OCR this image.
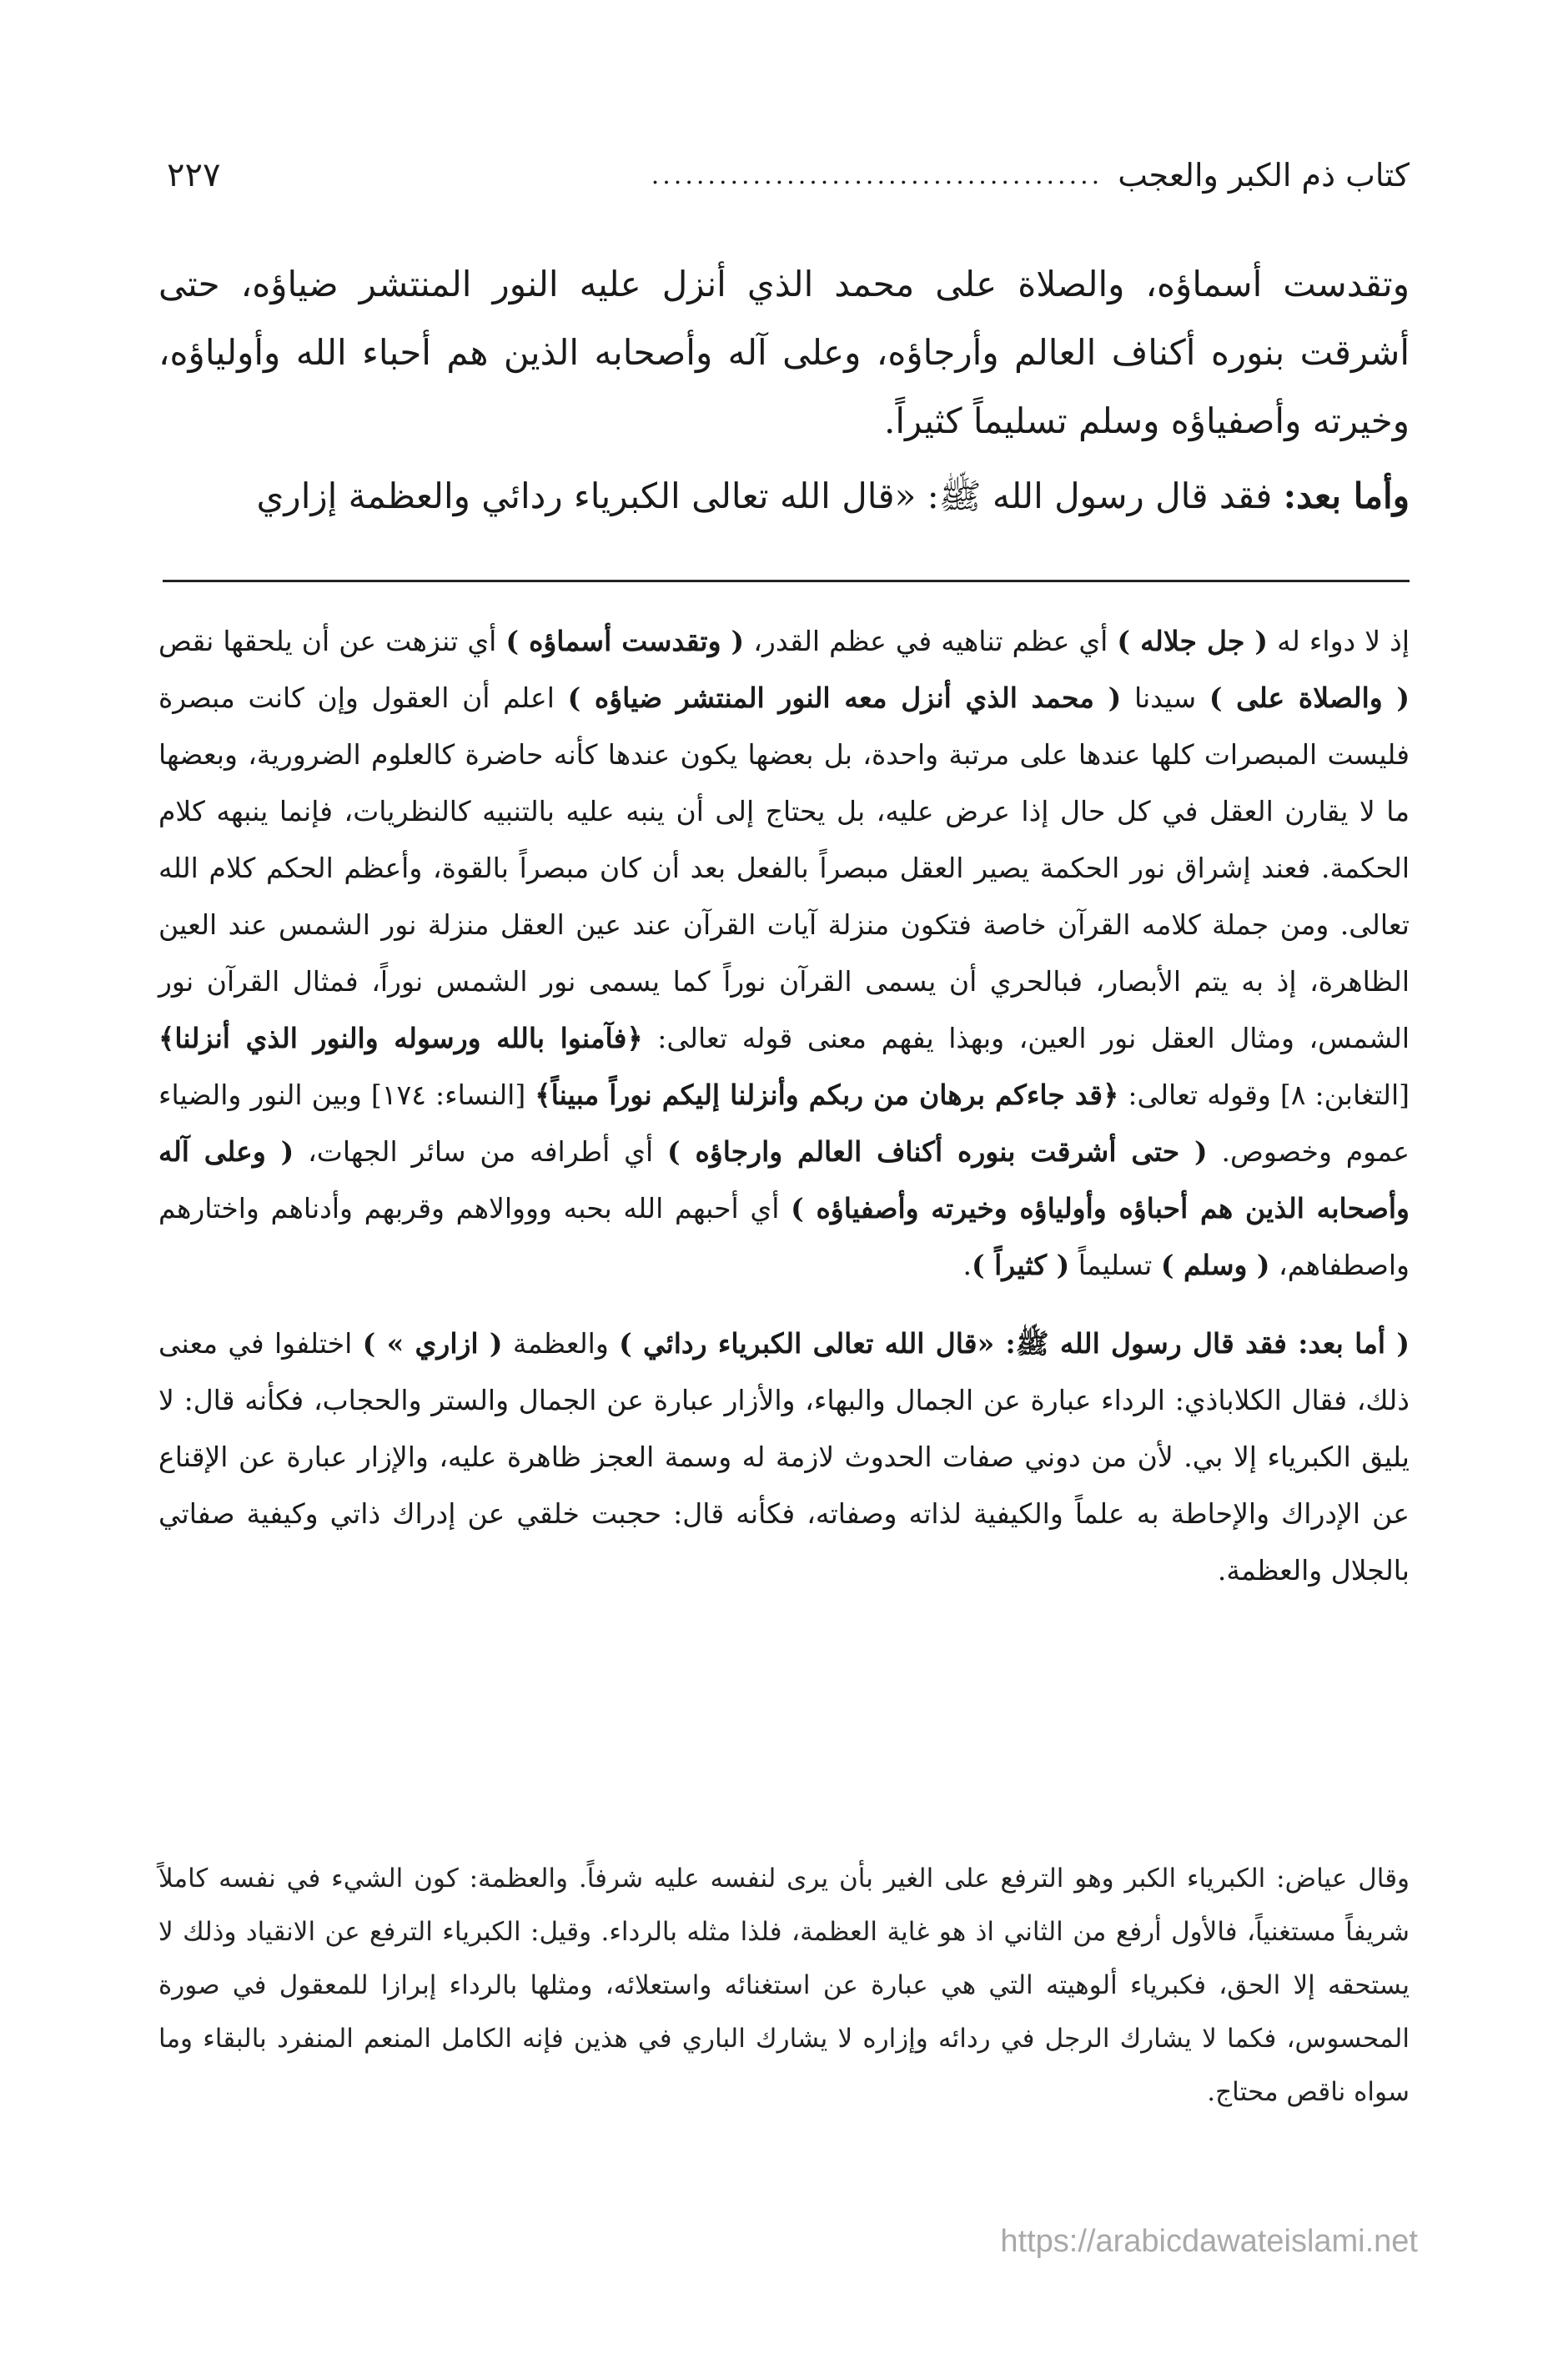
كتاب ذم الكبر والعجب
........................................
٢٢٧

وتقدست أسماؤه، والصلاة على محمد الذي أنزل عليه النور المنتشر ضياؤه، حتى أشرقت بنوره أكناف العالم وأرجاؤه، وعلى آله وأصحابه الذين هم أحباء الله وأولياؤه، وخيرته وأصفياؤه وسلم تسليماً كثيراً.

وأما بعد: فقد قال رسول الله ﷺ: «قال الله تعالى الكبرياء ردائي والعظمة إزاري

إذ لا دواء له ( جل جلاله ) أي عظم تناهيه في عظم القدر، ( وتقدست أسماؤه ) أي تنزهت عن أن يلحقها نقص ( والصلاة على ) سيدنا ( محمد الذي أنزل معه النور المنتشر ضياؤه ) اعلم أن العقول وإن كانت مبصرة فليست المبصرات كلها عندها على مرتبة واحدة، بل بعضها يكون عندها كأنه حاضرة كالعلوم الضرورية، وبعضها ما لا يقارن العقل في كل حال إذا عرض عليه، بل يحتاج إلى أن ينبه عليه بالتنبيه كالنظريات، فإنما ينبهه كلام الحكمة. فعند إشراق نور الحكمة يصير العقل مبصراً بالفعل بعد أن كان مبصراً بالقوة، وأعظم الحكم كلام الله تعالى. ومن جملة كلامه القرآن خاصة فتكون منزلة آيات القرآن عند عين العقل منزلة نور الشمس عند العين الظاهرة، إذ به يتم الأبصار، فبالحري أن يسمى القرآن نوراً كما يسمى نور الشمس نوراً، فمثال القرآن نور الشمس، ومثال العقل نور العين، وبهذا يفهم معنى قوله تعالى: ﴿فآمنوا بالله ورسوله والنور الذي أنزلنا﴾ [التغابن: ٨] وقوله تعالى: ﴿قد جاءكم برهان من ربكم وأنزلنا إليكم نوراً مبيناً﴾ [النساء: ١٧٤] وبين النور والضياء عموم وخصوص. ( حتى أشرقت بنوره أكناف العالم وارجاؤه ) أي أطرافه من سائر الجهات، ( وعلى آله وأصحابه الذين هم أحباؤه وأولياؤه وخيرته وأصفياؤه ) أي أحبهم الله بحبه وووالاهم وقربهم وأدناهم واختارهم واصطفاهم، ( وسلم ) تسليماً ( كثيراً ).

( أما بعد: فقد قال رسول الله ﷺ: «قال الله تعالى الكبرياء ردائي ) والعظمة ( ازاري » ) اختلفوا في معنى ذلك، فقال الكلاباذي: الرداء عبارة عن الجمال والبهاء، والأزار عبارة عن الجمال والستر والحجاب، فكأنه قال: لا يليق الكبرياء إلا بي. لأن من دوني صفات الحدوث لازمة له وسمة العجز ظاهرة عليه، والإزار عبارة عن الإقناع عن الإدراك والإحاطة به علماً والكيفية لذاته وصفاته، فكأنه قال: حجبت خلقي عن إدراك ذاتي وكيفية صفاتي بالجلال والعظمة.

وقال عياض: الكبرياء الكبر وهو الترفع على الغير بأن يرى لنفسه عليه شرفاً. والعظمة: كون الشيء في نفسه كاملاً شريفاً مستغنياً، فالأول أرفع من الثاني اذ هو غاية العظمة، فلذا مثله بالرداء. وقيل: الكبرياء الترفع عن الانقياد وذلك لا يستحقه إلا الحق، فكبرياء ألوهيته التي هي عبارة عن استغنائه واستعلائه، ومثلها بالرداء إبرازا للمعقول في صورة المحسوس، فكما لا يشارك الرجل في ردائه وإزاره لا يشارك الباري في هذين فإنه الكامل المنعم المنفرد بالبقاء وما سواه ناقص محتاج.

https://arabicdawateislami.net
